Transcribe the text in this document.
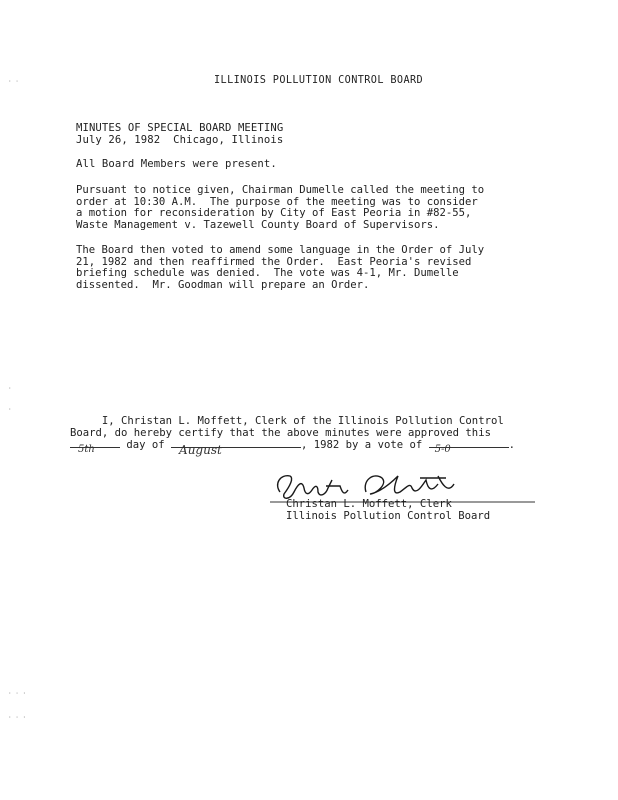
ILLINOIS POLLUTION CONTROL BOARD
MINUTES OF SPECIAL BOARD MEETING
July 26, 1982  Chicago, Illinois
All Board Members were present.
Pursuant to notice given, Chairman Dumelle called the meeting to
order at 10:30 A.M.  The purpose of the meeting was to consider
a motion for reconsideration by City of East Peoria in #82-55,
Waste Management v. Tazewell County Board of Supervisors.
The Board then voted to amend some language in the Order of July
21, 1982 and then reaffirmed the Order.  East Peoria's revised
briefing schedule was denied.  The vote was 4-1, Mr. Dumelle
dissented.  Mr. Goodman will prepare an Order.
I, Christan L. Moffett, Clerk of the Illinois Pollution Control
Board, do hereby certify that the above minutes were approved this
5th day of August	, 1982 by a vote of 5-0	.
Christan L. Moffett, Clerk
Illinois Pollution Control Board
· ·
·
·
· · ·
· · ·
